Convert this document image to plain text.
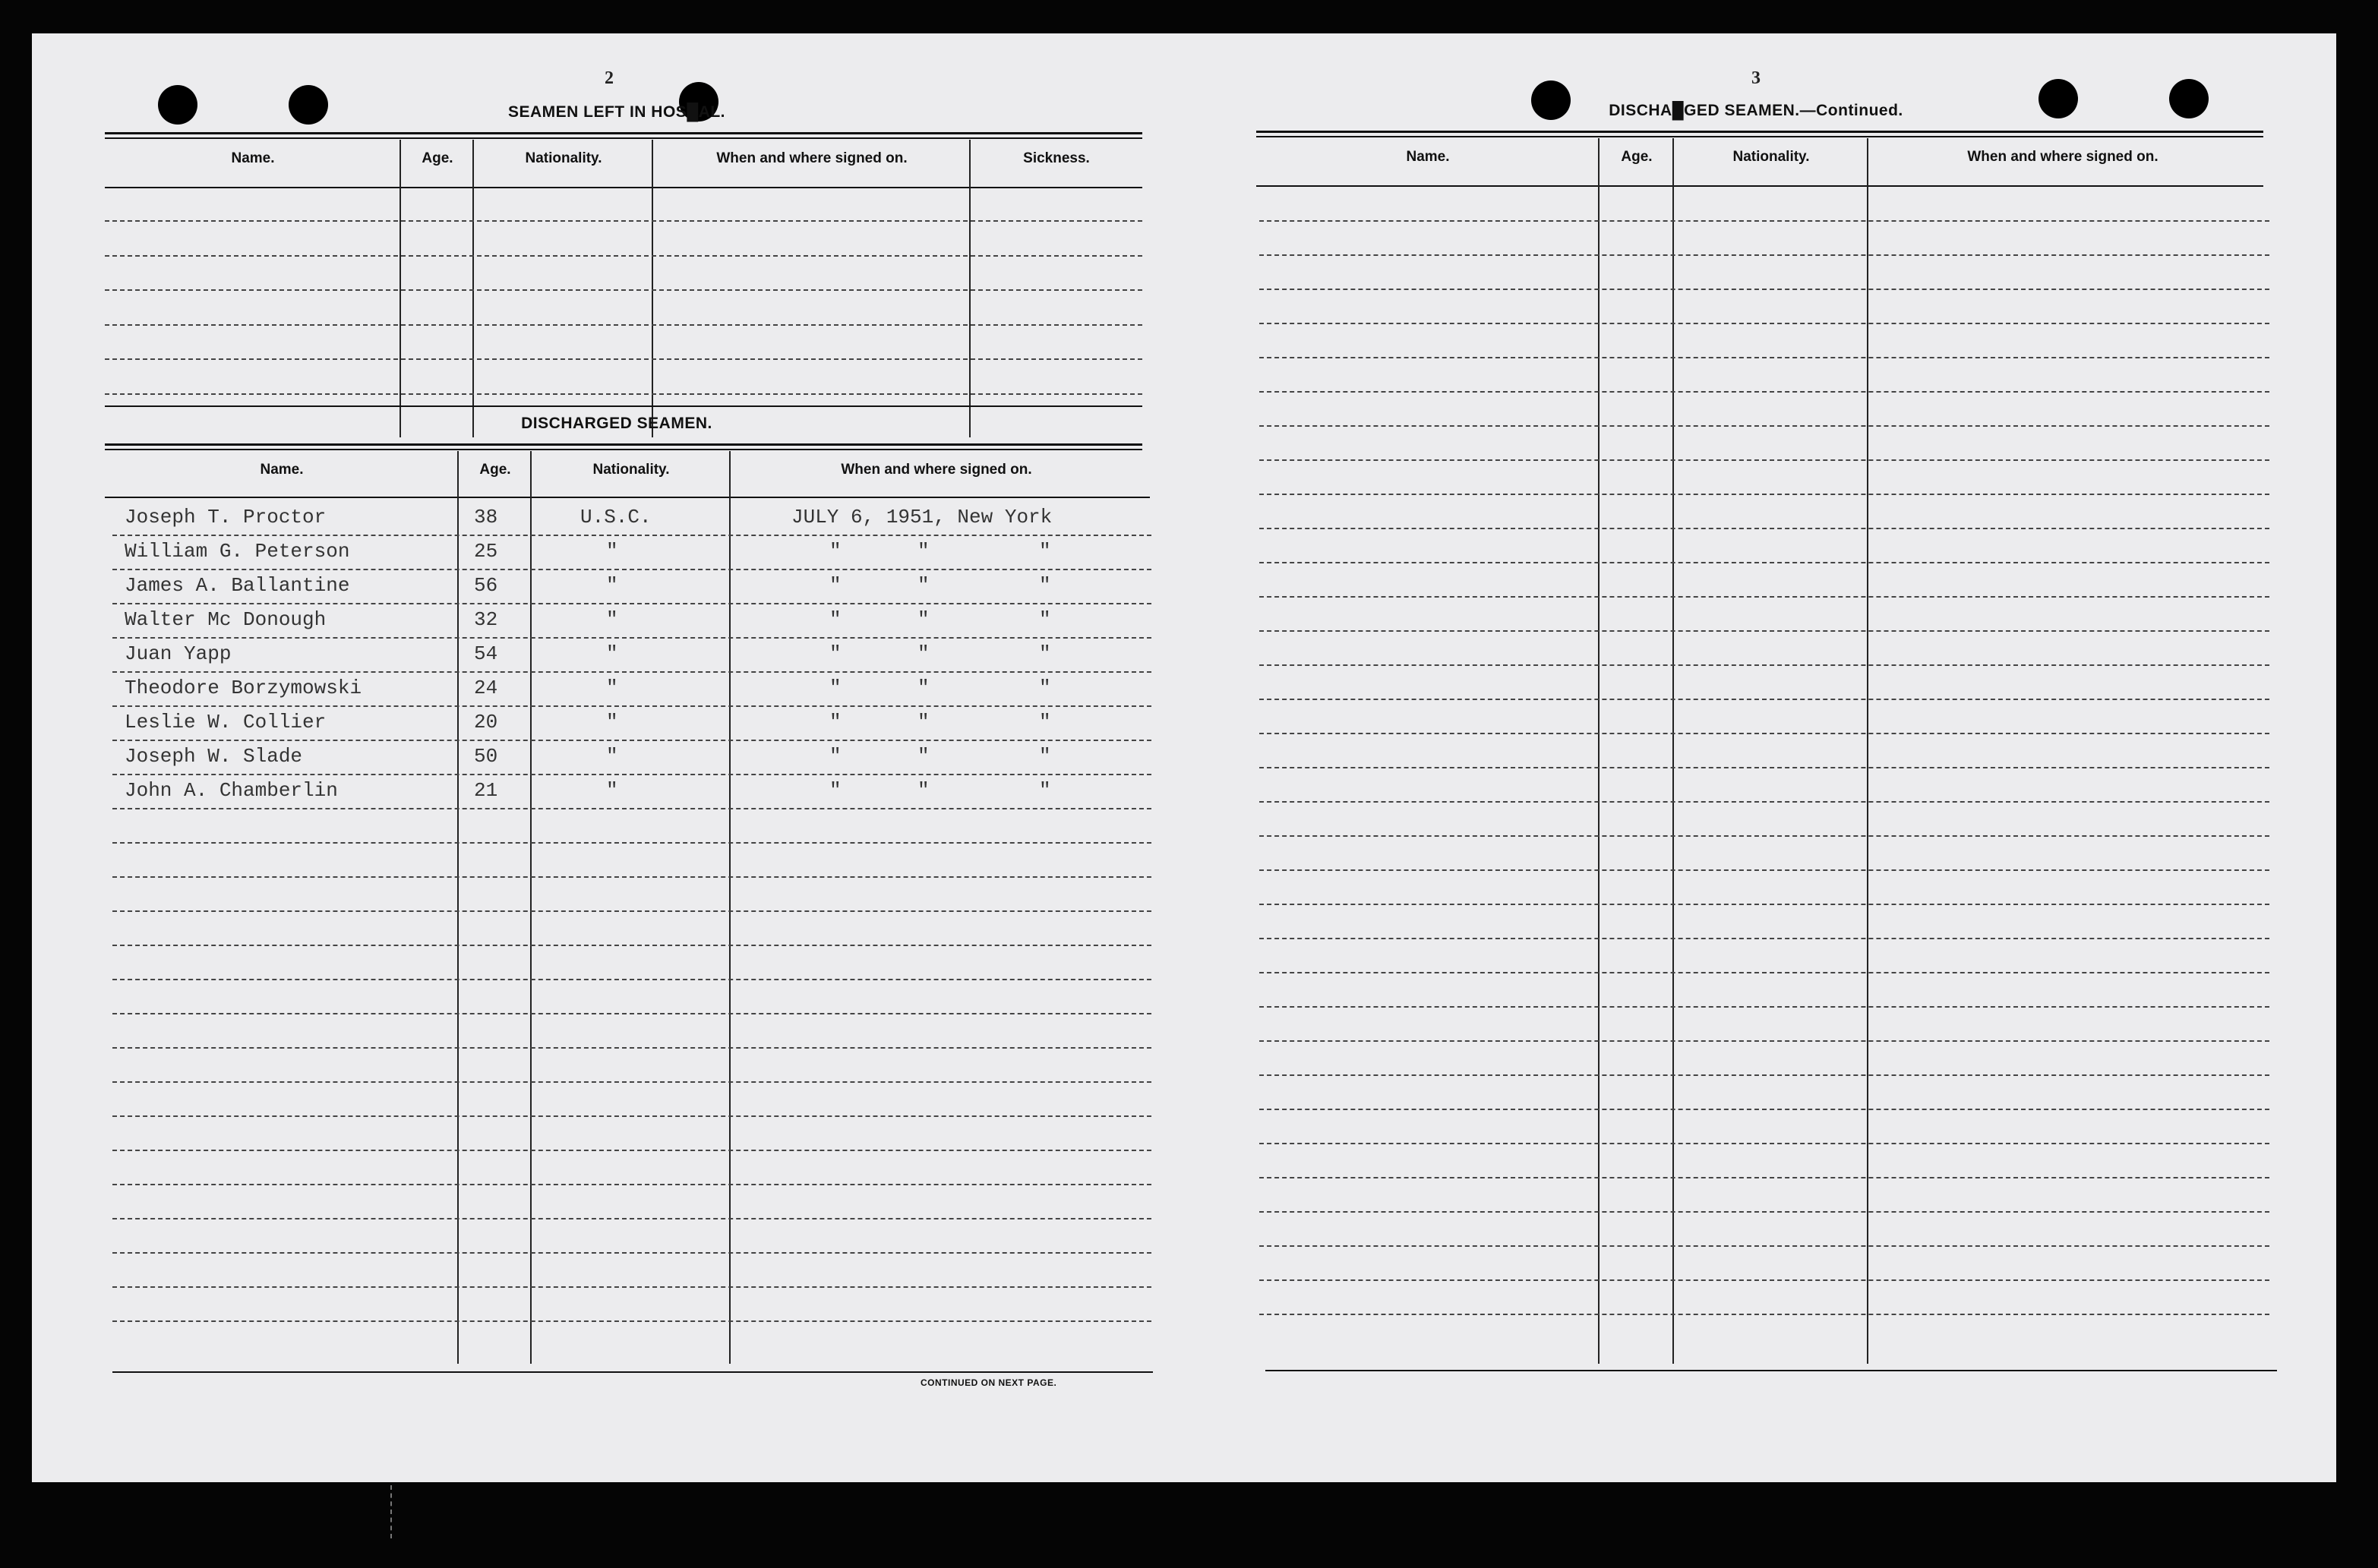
2
SEAMEN LEFT IN HOS█AL.
Name.	Age.	Nationality.	When and where signed on.	Sickness.
DISCHARGED SEAMEN.
Name.	Age.	Nationality.	When and where signed on.
Joseph T. Proctor	38	U.S.C.	JULY 6, 1951, New York
William G. Peterson	25	"	"	"	"
James A. Ballantine	56	"	"	"	"
Walter Mc Donough	32	"	"	"	"
Juan Yapp	54	"	"	"	"
Theodore Borzymowski	24	"	"	"	"
Leslie W. Collier	20	"	"	"	"
Joseph W. Slade	50	"	"	"	"
John A. Chamberlin	21	"	"	"	"
CONTINUED ON NEXT PAGE.
3
DISCHA█GED SEAMEN.—Continued.
Name.	Age.	Nationality.	When and where signed on.
